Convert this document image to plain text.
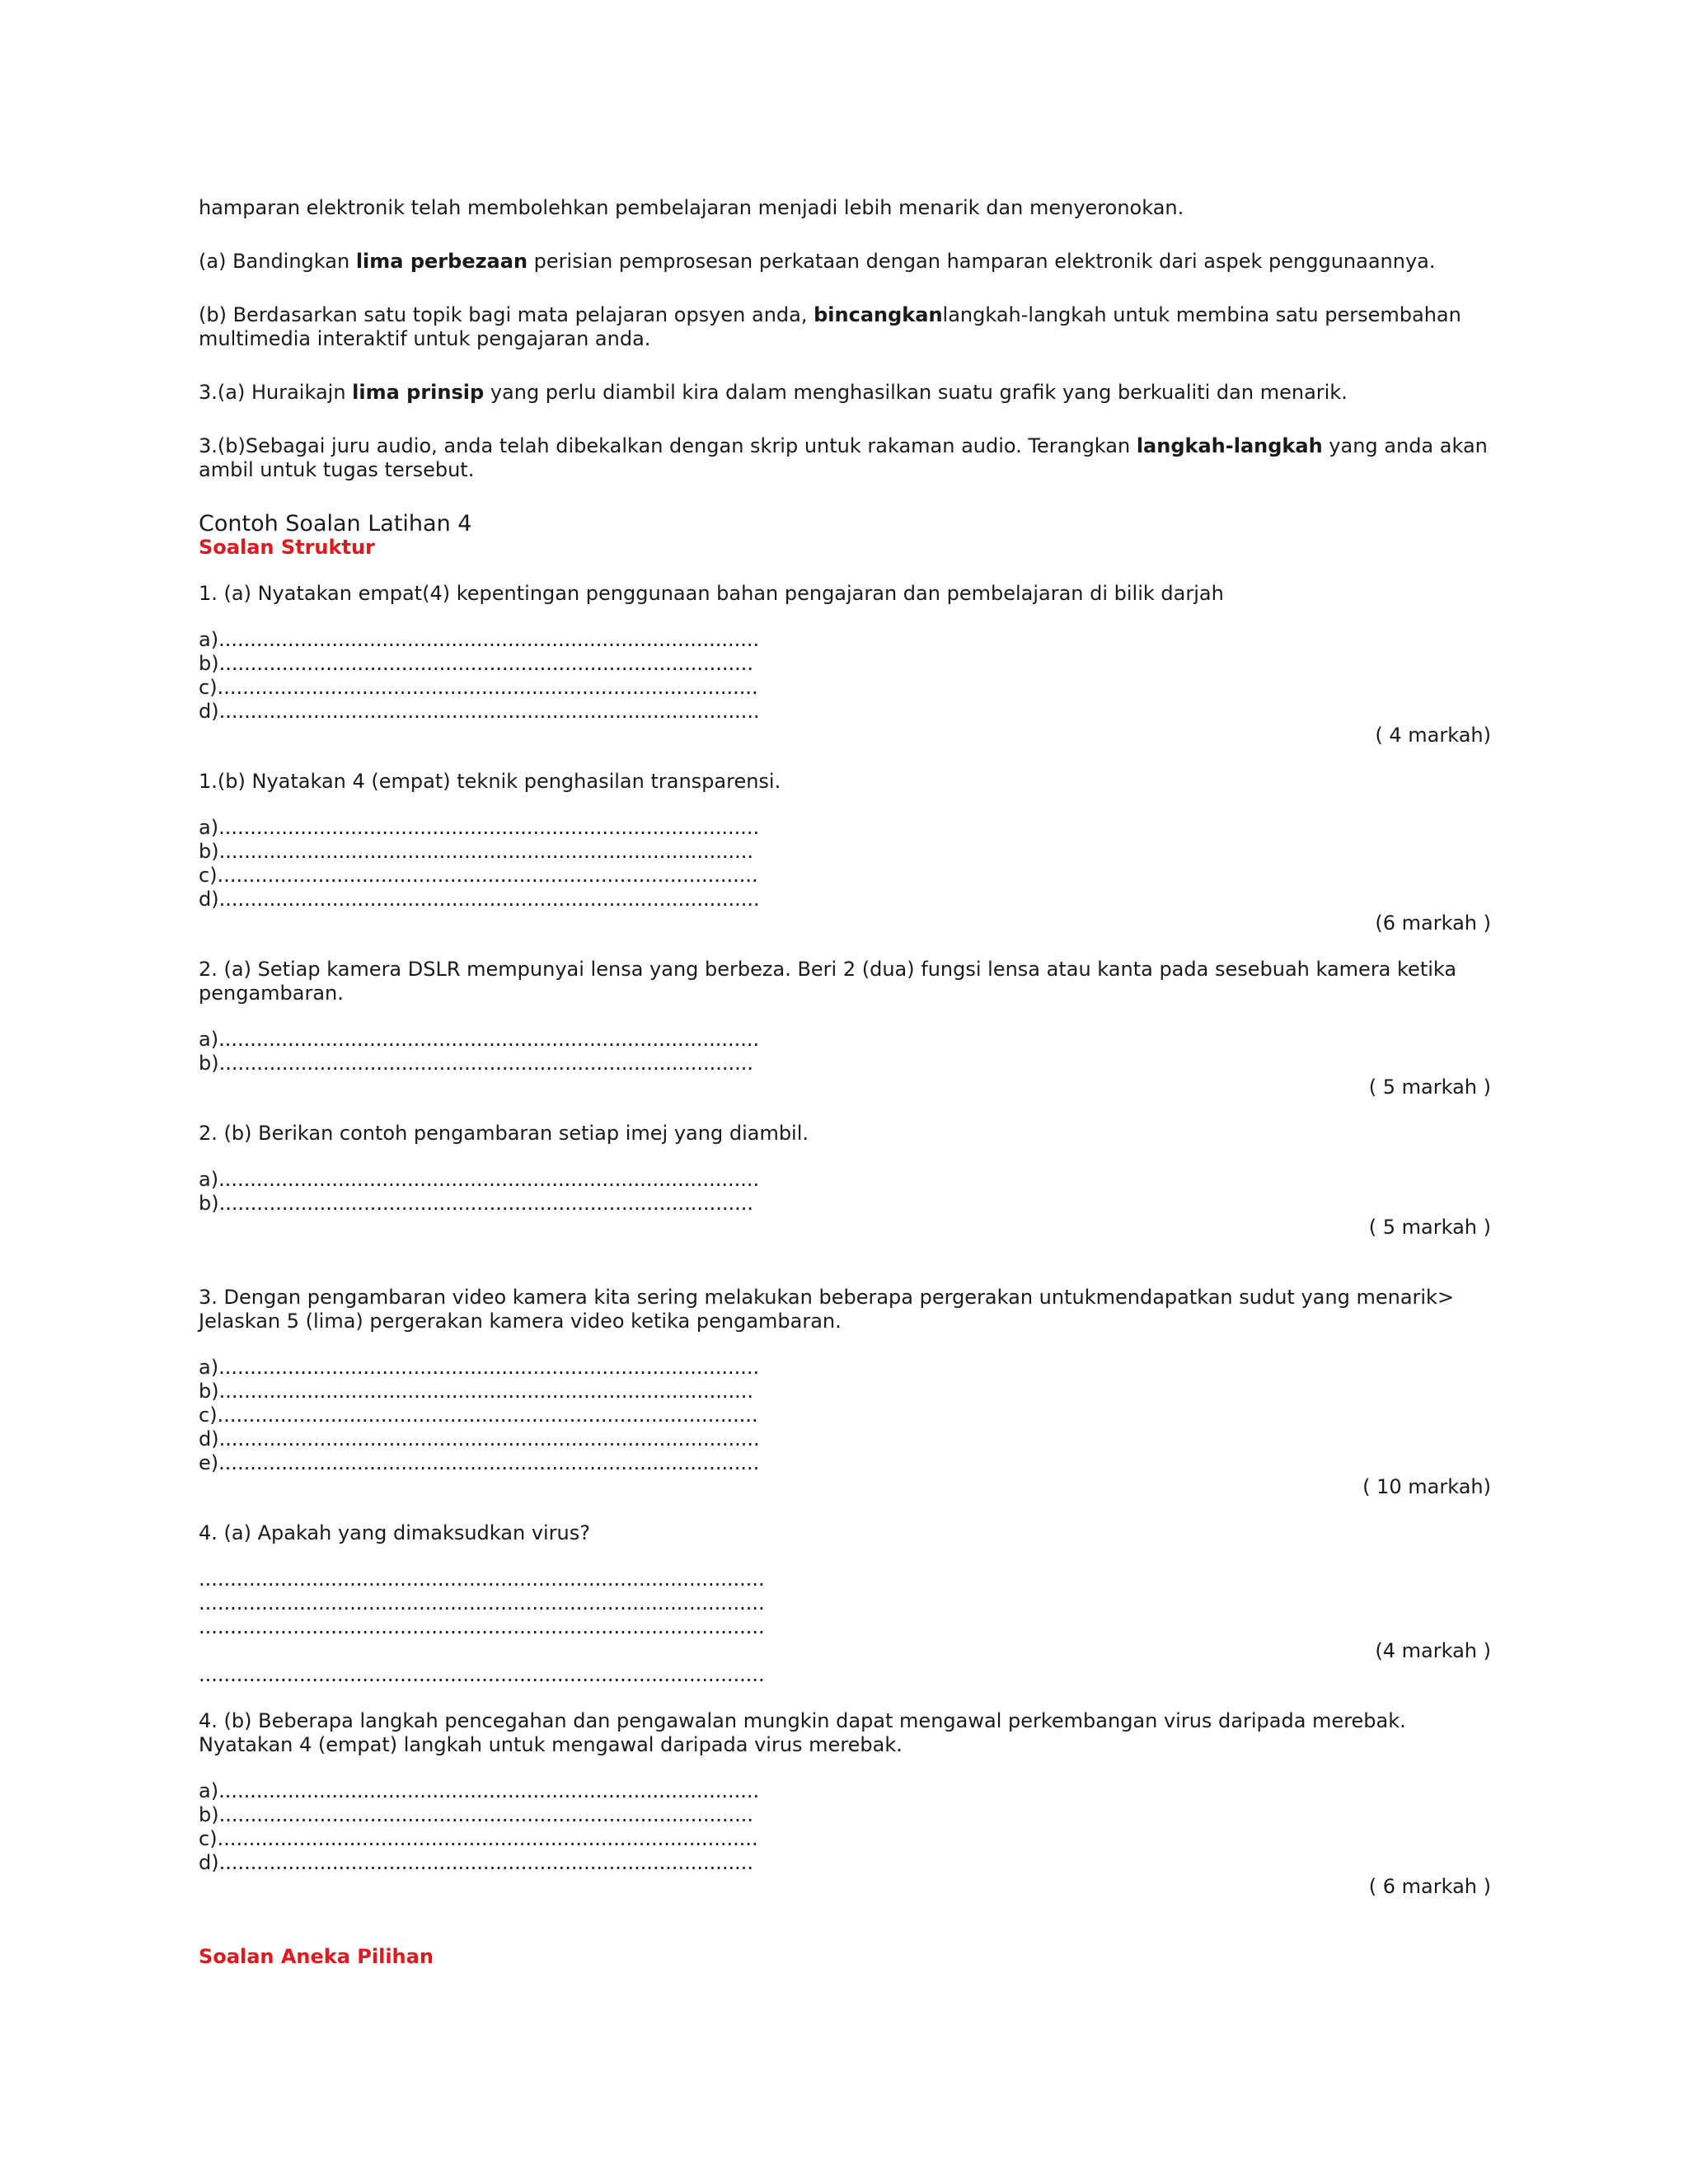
hamparan elektronik telah membolehkan pembelajaran menjadi lebih menarik dan menyeronokan.

(a) Bandingkan lima perbezaan perisian pemprosesan perkataan dengan hamparan elektronik dari aspek penggunaannya.

(b) Berdasarkan satu topik bagi mata pelajaran opsyen anda, bincangkanlangkah-langkah untuk membina satu persembahan multimedia interaktif untuk pengajaran anda.

3.(a) Huraikajn lima prinsip yang perlu diambil kira dalam menghasilkan suatu grafik yang berkualiti dan menarik.

3.(b)Sebagai juru audio, anda telah dibekalkan dengan skrip untuk rakaman audio. Terangkan langkah-langkah yang anda akan ambil untuk tugas tersebut.

Contoh Soalan Latihan 4

Soalan Struktur

1. (a) Nyatakan empat(4) kepentingan penggunaan bahan pengajaran dan pembelajaran di bilik darjah

a)......................................................................................
b).....................................................................................
c)......................................................................................
d)......................................................................................

( 4 markah)

1.(b) Nyatakan 4 (empat) teknik penghasilan transparensi.

a)......................................................................................
b).....................................................................................
c)......................................................................................
d)......................................................................................

(6 markah )

2. (a) Setiap kamera DSLR mempunyai lensa yang berbeza. Beri 2 (dua) fungsi lensa atau kanta pada sesebuah kamera ketika pengambaran.

a)......................................................................................
b).....................................................................................

( 5 markah )

2. (b) Berikan contoh pengambaran setiap imej yang diambil.

a)......................................................................................
b).....................................................................................

( 5 markah )

3. Dengan pengambaran video kamera kita sering melakukan beberapa pergerakan untukmendapatkan sudut yang menarik> Jelaskan 5 (lima) pergerakan kamera video ketika pengambaran.

a)......................................................................................
b).....................................................................................
c)......................................................................................
d)......................................................................................
e)......................................................................................

( 10 markah)

4. (a) Apakah yang dimaksudkan virus?

..........................................................................................
..........................................................................................
..........................................................................................

(4 markah )

..........................................................................................

4. (b) Beberapa langkah pencegahan dan pengawalan mungkin dapat mengawal perkembangan virus daripada merebak. Nyatakan 4 (empat) langkah untuk mengawal daripada virus merebak.

a)......................................................................................
b).....................................................................................
c)......................................................................................
d).....................................................................................

( 6 markah )

Soalan Aneka Pilihan
